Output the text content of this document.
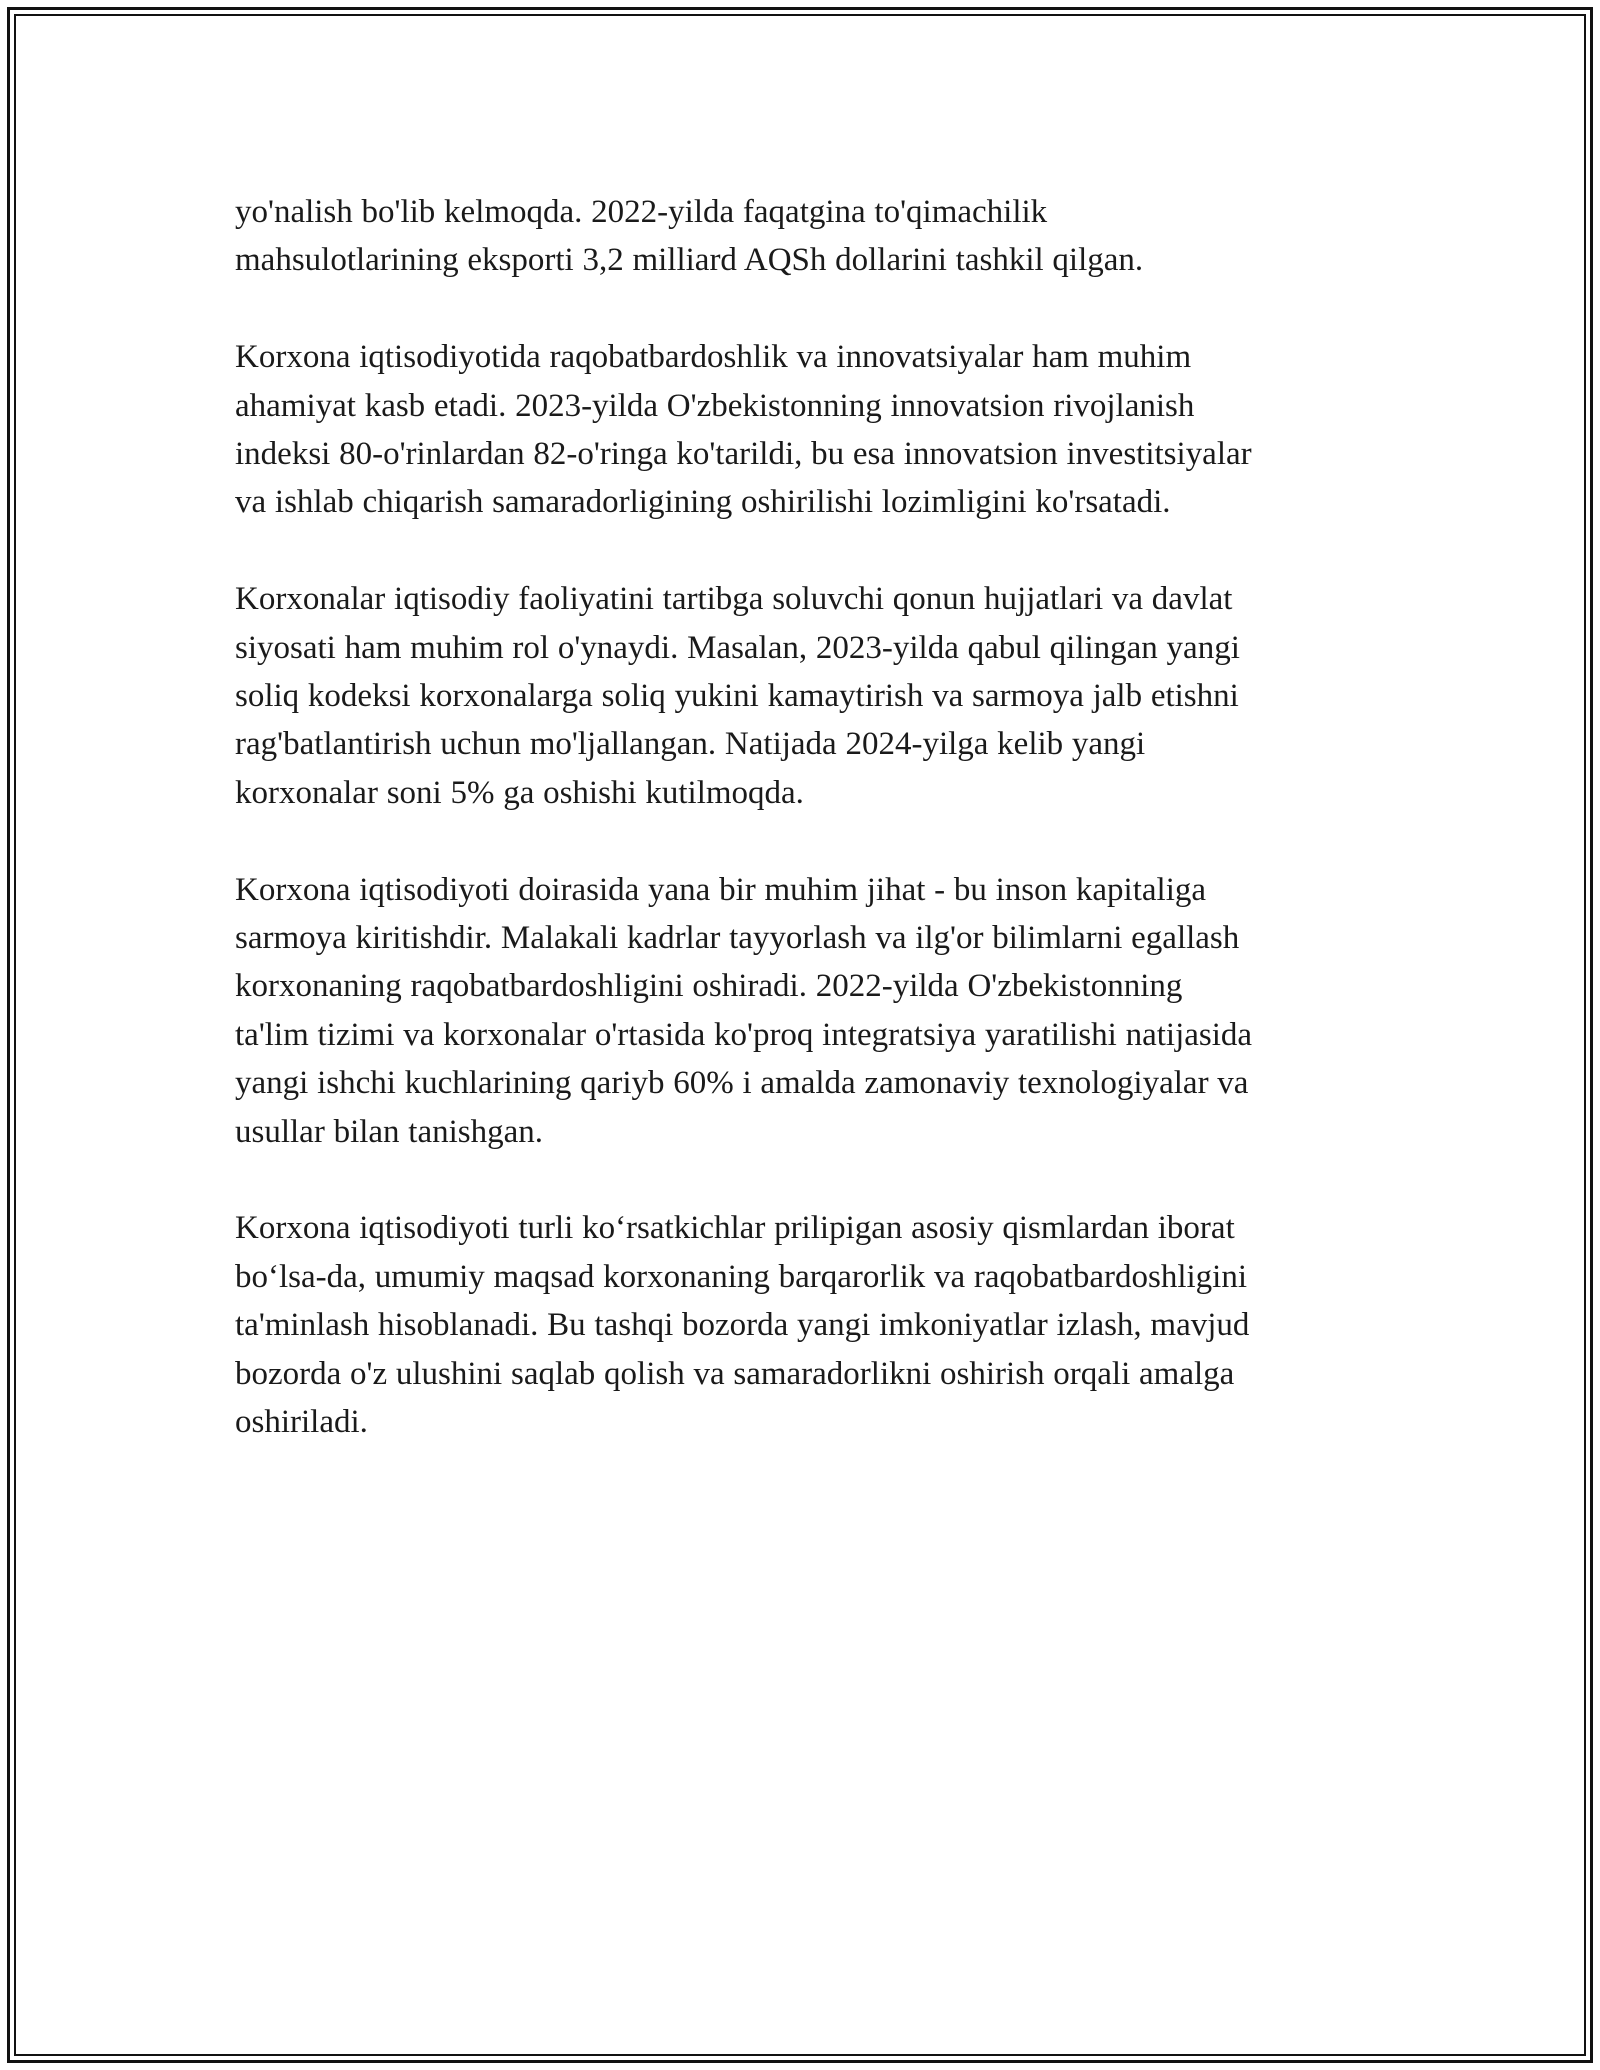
yo'nalish bo'lib kelmoqda. 2022-yilda faqatgina to'qimachilik
mahsulotlarining eksporti 3,2 milliard AQSh dollarini tashkil qilgan.

Korxona iqtisodiyotida raqobatbardoshlik va innovatsiyalar ham muhim
ahamiyat kasb etadi. 2023-yilda O'zbekistonning innovatsion rivojlanish
indeksi 80-o'rinlardan 82-o'ringa ko'tarildi, bu esa innovatsion investitsiyalar
va ishlab chiqarish samaradorligining oshirilishi lozimligini ko'rsatadi.

Korxonalar iqtisodiy faoliyatini tartibga soluvchi qonun hujjatlari va davlat
siyosati ham muhim rol o'ynaydi. Masalan, 2023-yilda qabul qilingan yangi
soliq kodeksi korxonalarga soliq yukini kamaytirish va sarmoya jalb etishni
rag'batlantirish uchun mo'ljallangan. Natijada 2024-yilga kelib yangi
korxonalar soni 5% ga oshishi kutilmoqda.

Korxona iqtisodiyoti doirasida yana bir muhim jihat - bu inson kapitaliga
sarmoya kiritishdir. Malakali kadrlar tayyorlash va ilg'or bilimlarni egallash
korxonaning raqobatbardoshligini oshiradi. 2022-yilda O'zbekistonning
ta'lim tizimi va korxonalar o'rtasida ko'proq integratsiya yaratilishi natijasida
yangi ishchi kuchlarining qariyb 60% i amalda zamonaviy texnologiyalar va
usullar bilan tanishgan.

Korxona iqtisodiyoti turli ko‘rsatkichlar prilipigan asosiy qismlardan iborat
bo‘lsa-da, umumiy maqsad korxonaning barqarorlik va raqobatbardoshligini
ta'minlash hisoblanadi. Bu tashqi bozorda yangi imkoniyatlar izlash, mavjud
bozorda o'z ulushini saqlab qolish va samaradorlikni oshirish orqali amalga
oshiriladi.
